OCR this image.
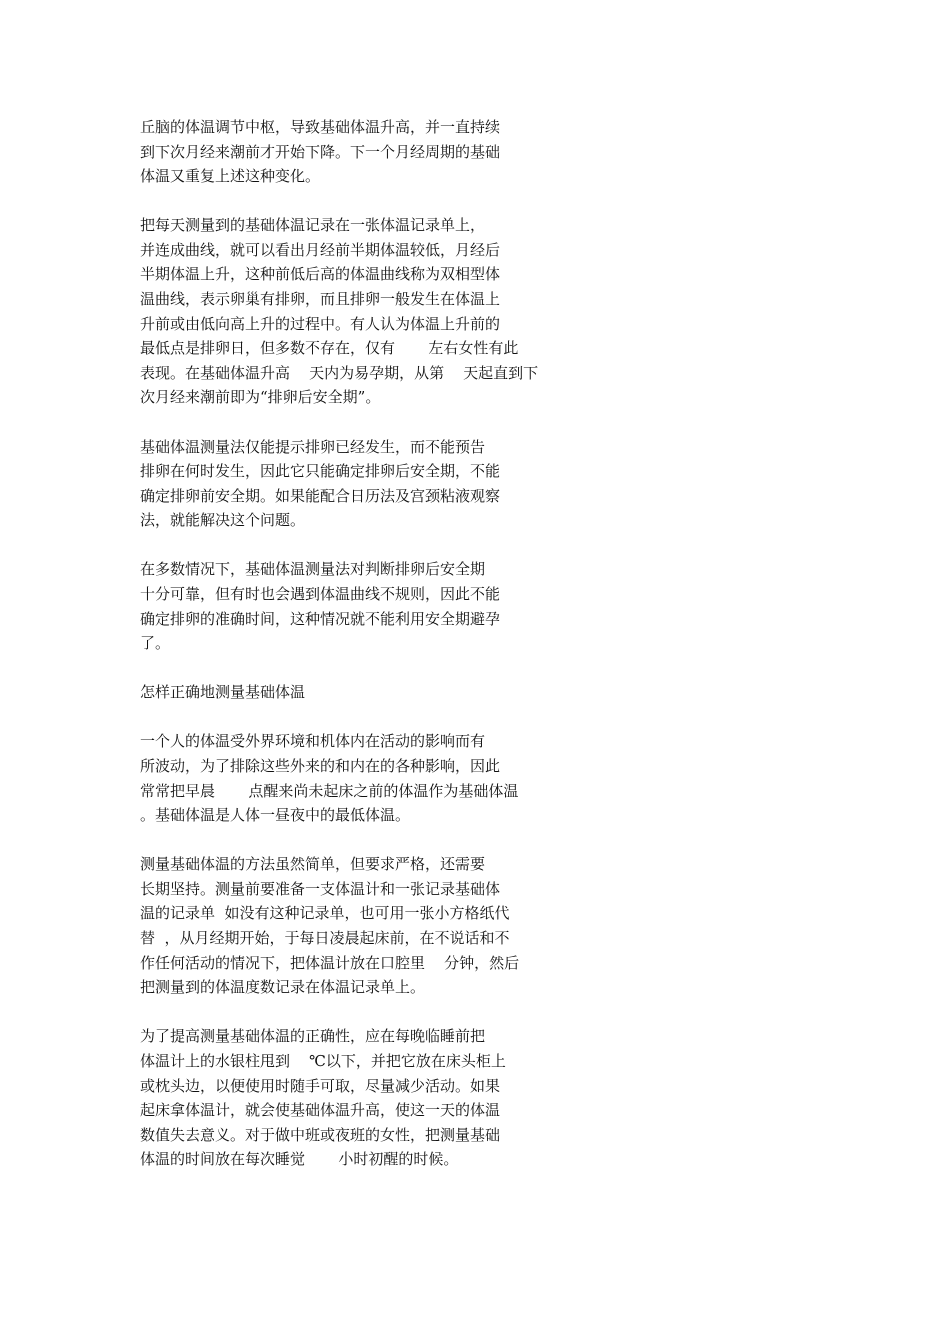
丘脑的体温调节中枢，导致基础体温升高，并一直持续
到下次月经来潮前才开始下降。下一个月经周期的基础
体温又重复上述这种变化。
把每天测量到的基础体温记录在一张体温记录单上，
并连成曲线，就可以看出月经前半期体温较低，月经后
半期体温上升，这种前低后高的体温曲线称为双相型体
温曲线，表示卵巢有排卵，而且排卵一般发生在体温上
升前或由低向高上升的过程中。有人认为体温上升前的
最低点是排卵日，但多数不存在，仅有       左右女性有此
表现。在基础体温升高    天内为易孕期，从第    天起直到下
次月经来潮前即为“排卵后安全期”。
基础体温测量法仅能提示排卵已经发生，而不能预告
排卵在何时发生，因此它只能确定排卵后安全期，不能
确定排卵前安全期。如果能配合日历法及宫颈粘液观察
法，就能解决这个问题。
在多数情况下，基础体温测量法对判断排卵后安全期
十分可靠，但有时也会遇到体温曲线不规则，因此不能
确定排卵的准确时间，这种情况就不能利用安全期避孕
了。
怎样正确地测量基础体温
一个人的体温受外界环境和机体内在活动的影响而有
所波动，为了排除这些外来的和内在的各种影响，因此
常常把早晨       点醒来尚未起床之前的体温作为基础体温
。基础体温是人体一昼夜中的最低体温。
测量基础体温的方法虽然简单，但要求严格，还需要
长期坚持。测量前要准备一支体温计和一张记录基础体
温的记录单  如没有这种记录单，也可用一张小方格纸代
替  ，从月经期开始，于每日凌晨起床前，在不说话和不
作任何活动的情况下，把体温计放在口腔里    分钟，然后
把测量到的体温度数记录在体温记录单上。
为了提高测量基础体温的正确性，应在每晚临睡前把
体温计上的水银柱甩到    ℃以下，并把它放在床头柜上
或枕头边，以便使用时随手可取，尽量减少活动。如果
起床拿体温计，就会使基础体温升高，使这一天的体温
数值失去意义。对于做中班或夜班的女性，把测量基础
体温的时间放在每次睡觉       小时初醒的时候。
